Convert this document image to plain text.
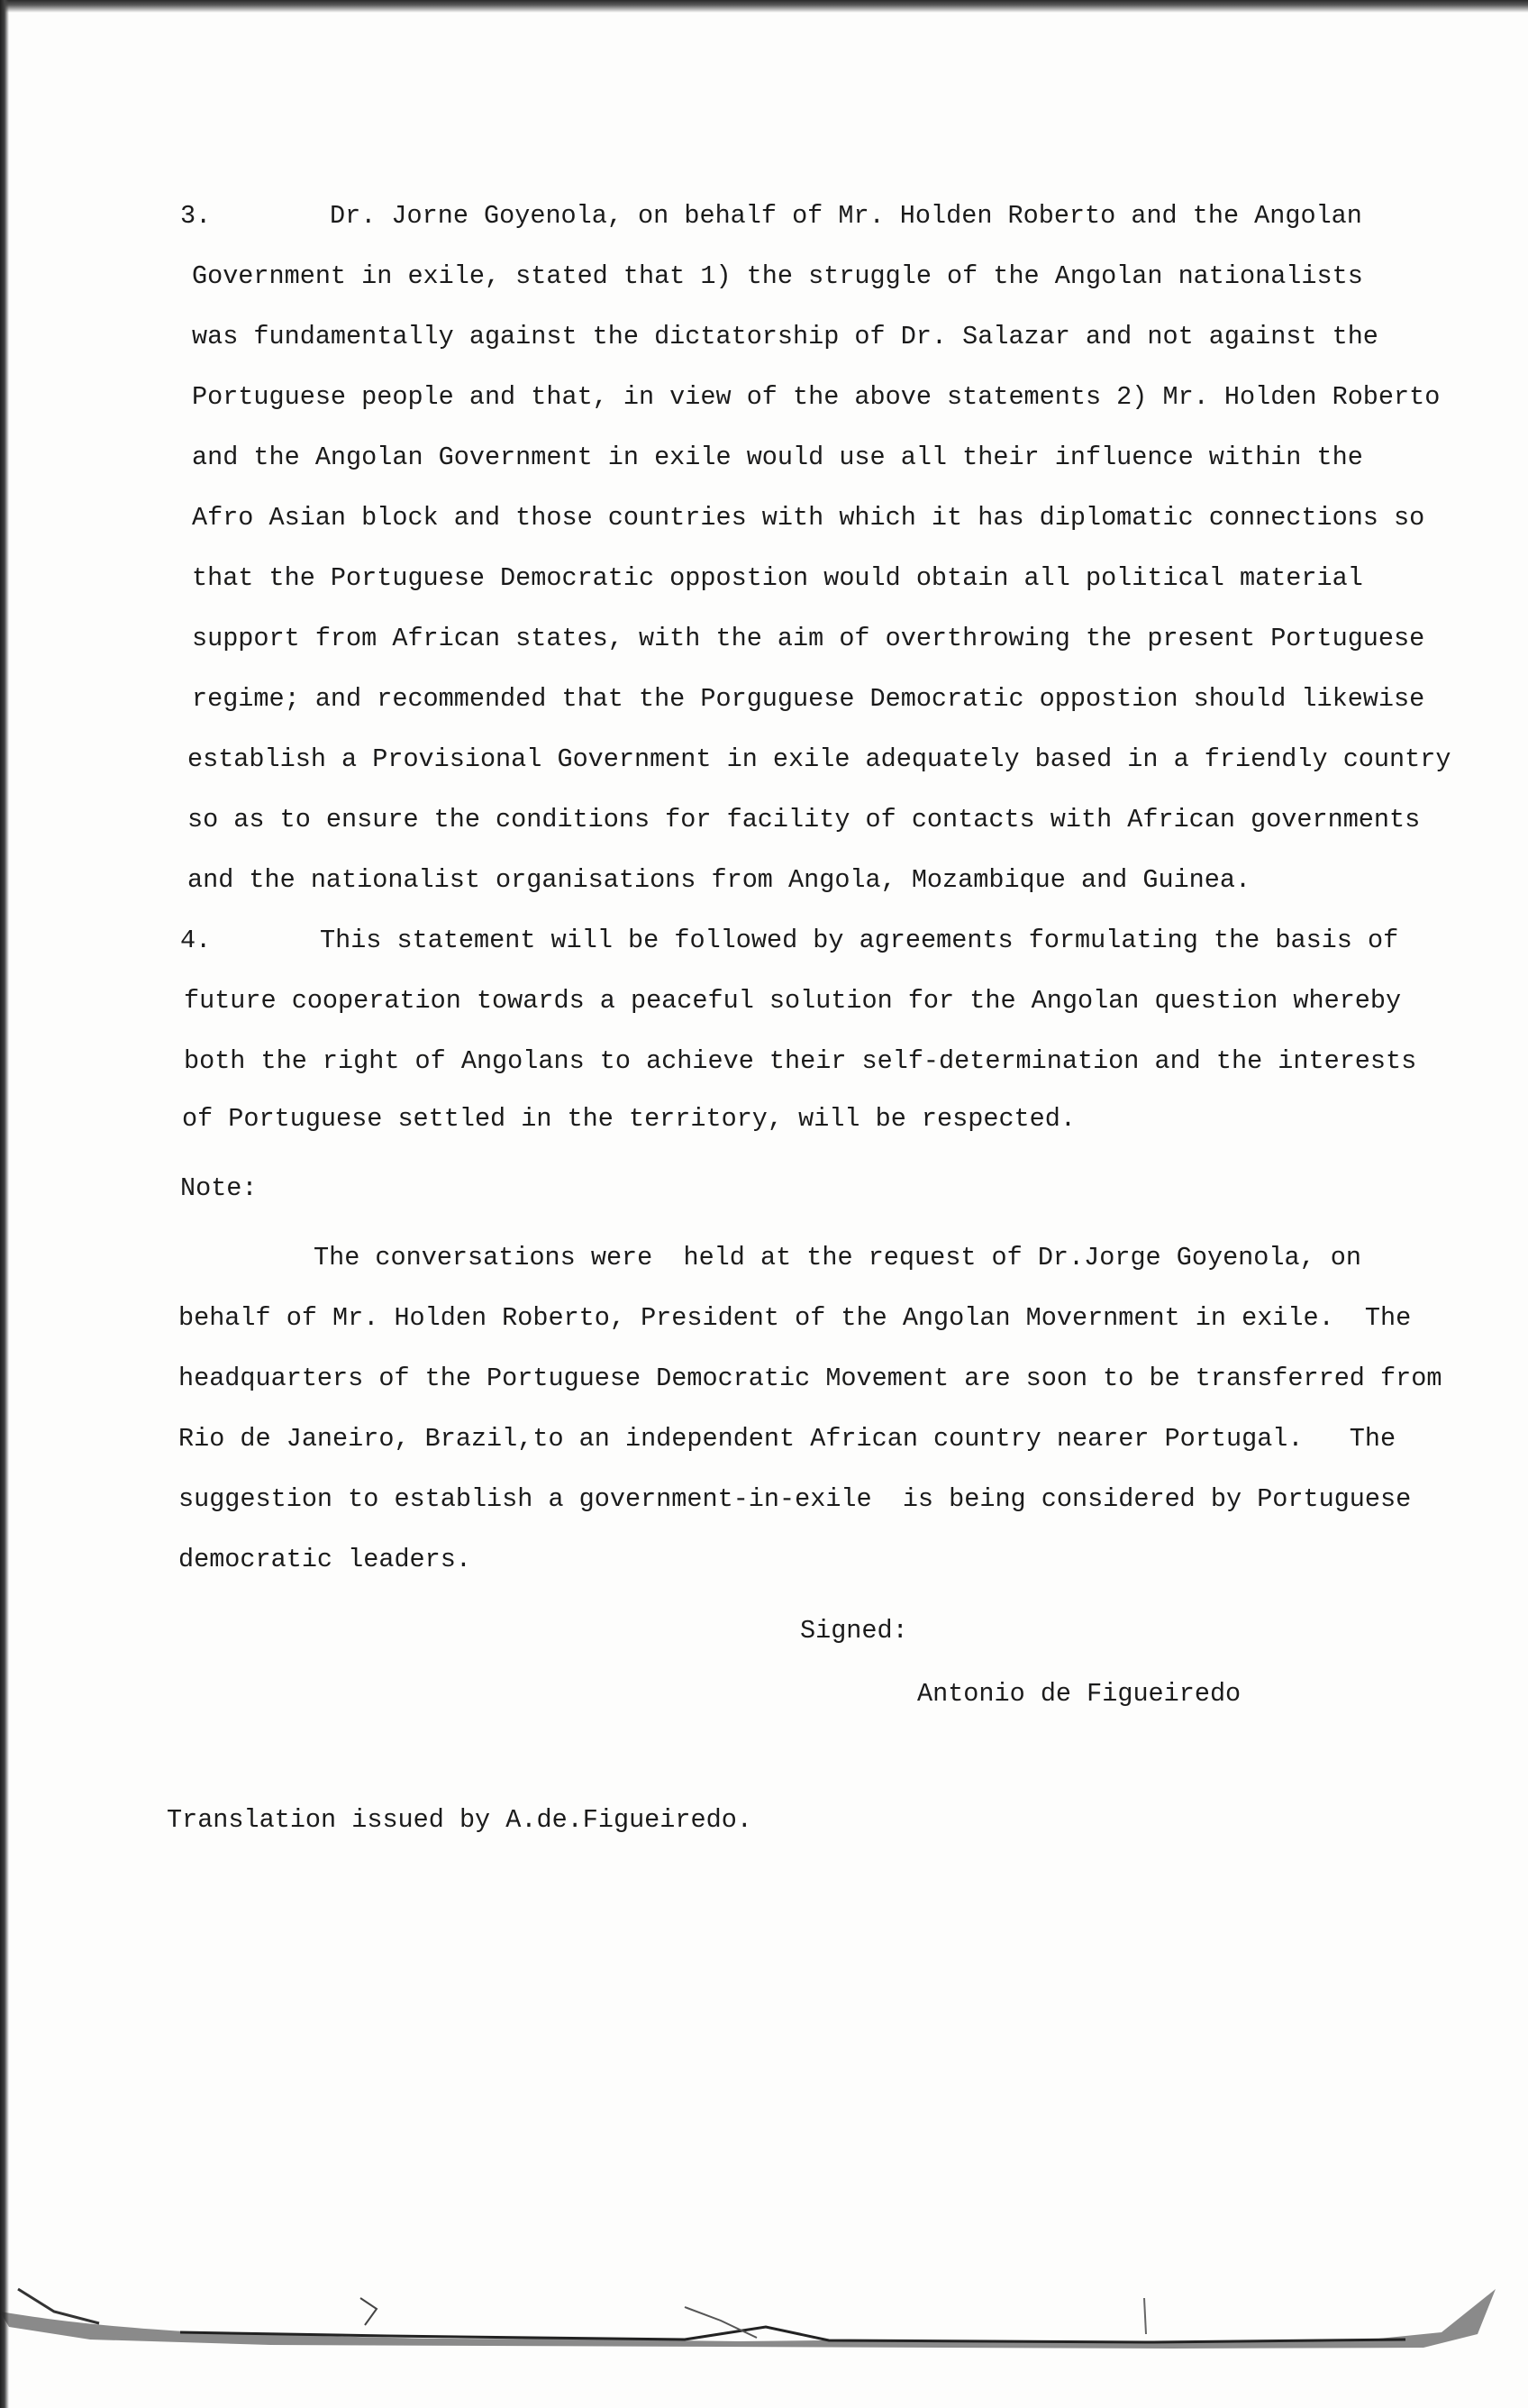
3.	Dr. Jorne Goyenola, on behalf of Mr. Holden Roberto and the Angolan
Government in exile, stated that 1) the struggle of the Angolan nationalists
was fundamentally against the dictatorship of Dr. Salazar and not against the
Portuguese people and that, in view of the above statements 2) Mr. Holden Roberto
and the Angolan Government in exile would use all their influence within the
Afro Asian block and those countries with which it has diplomatic connections so
that the Portuguese Democratic oppostion would obtain all political material
support from African states, with the aim of overthrowing the present Portuguese
regime; and recommended that the Porguguese Democratic oppostion should likewise
establish a Provisional Government in exile adequately based in a friendly country
so as to ensure the conditions for facility of contacts with African governments
and the nationalist organisations from Angola, Mozambique and Guinea.
4.	This statement will be followed by agreements formulating the basis of
future cooperation towards a peaceful solution for the Angolan question whereby
both the right of Angolans to achieve their self-determination and the interests
of Portuguese settled in the territory, will be respected.
Note:
The conversations were  held at the request of Dr.Jorge Goyenola, on
behalf of Mr. Holden Roberto, President of the Angolan Movernment in exile.  The
headquarters of the Portuguese Democratic Movement are soon to be transferred from
Rio de Janeiro, Brazil,to an independent African country nearer Portugal.   The
suggestion to establish a government-in-exile  is being considered by Portuguese
democratic leaders.
Signed:
Antonio de Figueiredo
Translation issued by A.de.Figueiredo.
